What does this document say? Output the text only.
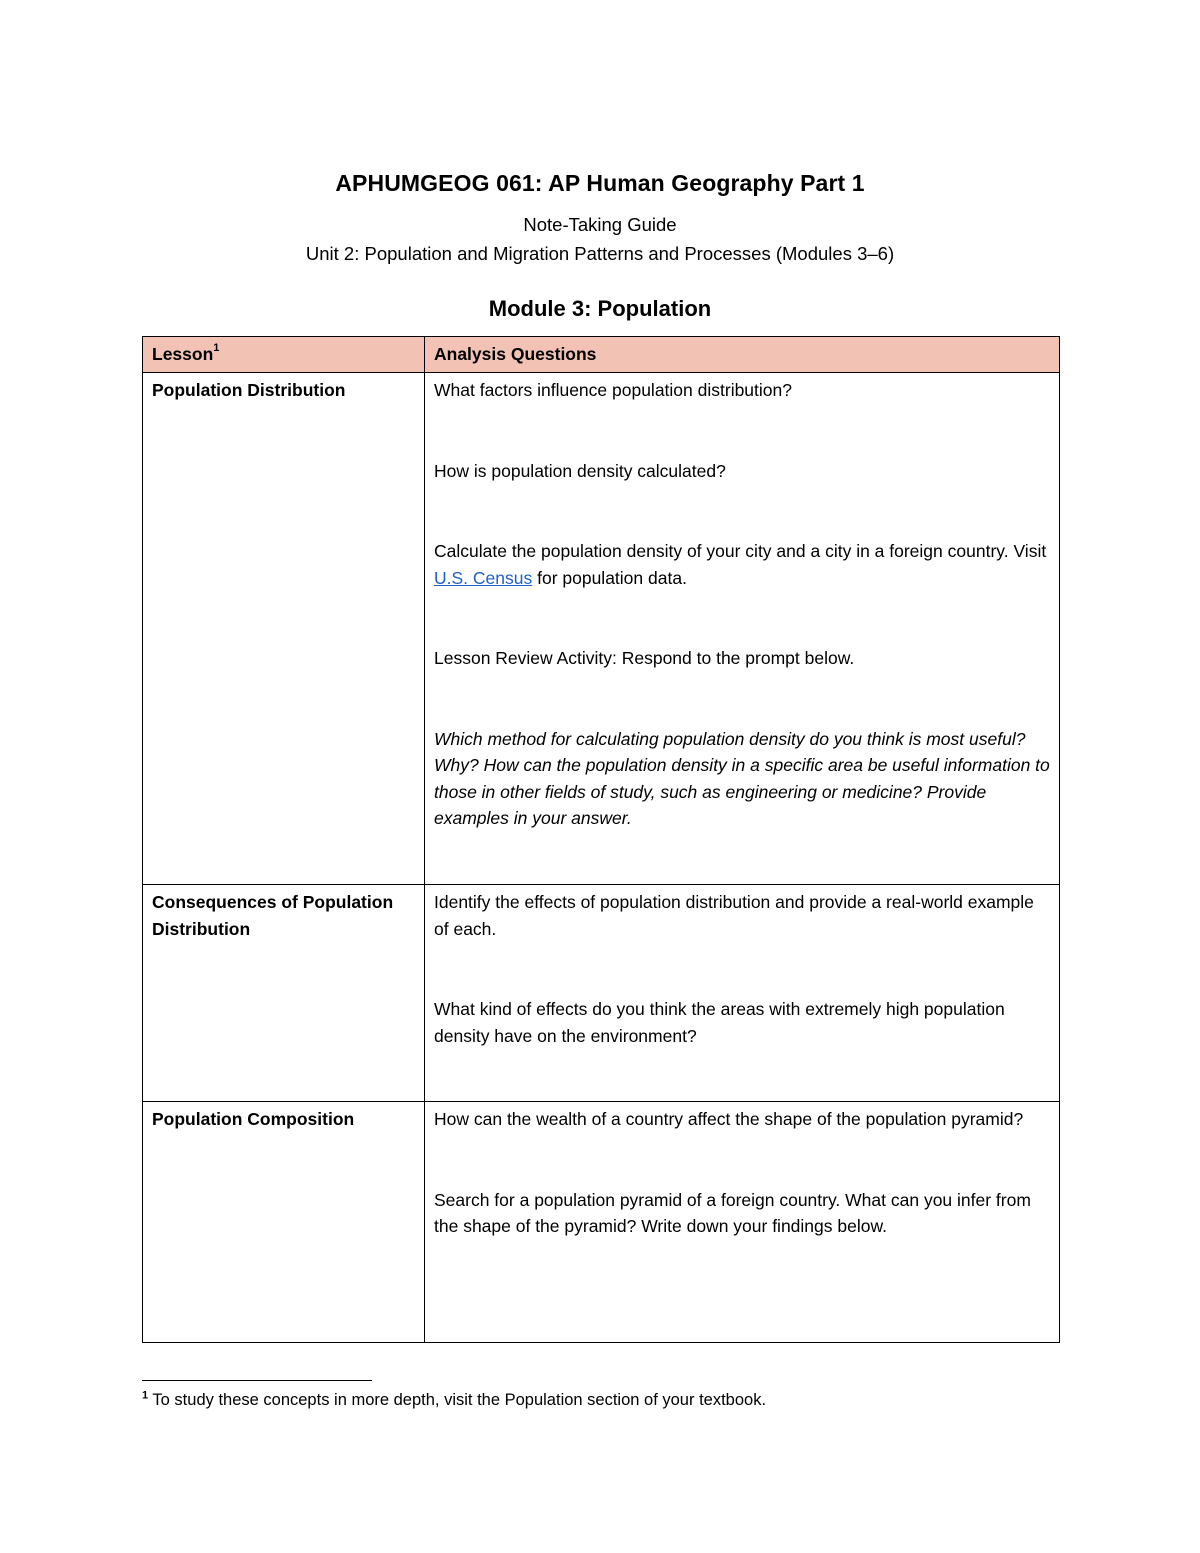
APHUMGEOG 061: AP Human Geography Part 1
Note-Taking Guide
Unit 2: Population and Migration Patterns and Processes (Modules 3–6)
Module 3: Population
Lesson$^1$	Analysis Questions

Population Distribution	What factors influence population distribution?

How is population density calculated?

Calculate the population density of your city and a city in a foreign country. Visit U.S. Census for population data.

Lesson Review Activity: Respond to the prompt below.

Which method for calculating population density do you think is most useful? Why? How can the population density in a specific area be useful information to those in other fields of study, such as engineering or medicine? Provide examples in your answer.

Consequences of Population Distribution	Identify the effects of population distribution and provide a real-world example of each.

What kind of effects do you think the areas with extremely high population density have on the environment?

Population Composition	How can the wealth of a country affect the shape of the population pyramid?

Search for a population pyramid of a foreign country. What can you infer from the shape of the pyramid? Write down your findings below.

$^1$ To study these concepts in more depth, visit the Population section of your textbook.
